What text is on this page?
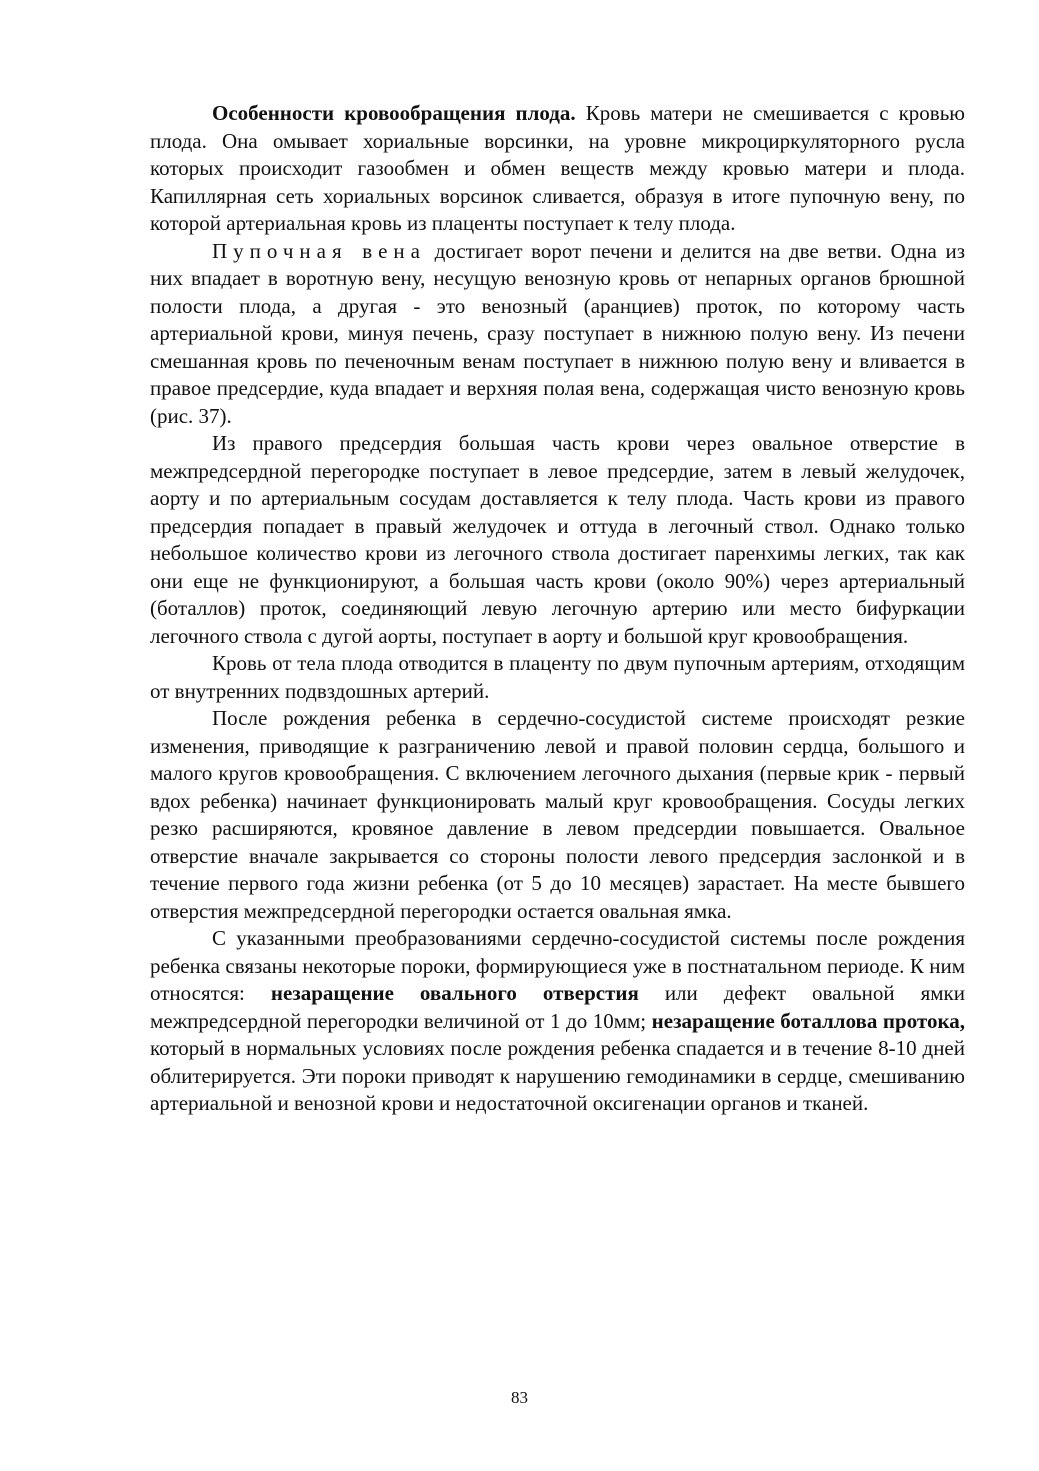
Особенности кровообращения плода. Кровь матери не смешивается с кровью плода. Она омывает хориальные ворсинки, на уровне микроциркуляторного русла которых происходит газообмен и обмен веществ между кровью матери и плода. Капиллярная сеть хориальных ворсинок сливается, образуя в итоге пупочную вену, по которой артериальная кровь из плаценты поступает к телу плода.

Пупочная вена достигает ворот печени и делится на две ветви. Одна из них впадает в воротную вену, несущую венозную кровь от непарных органов брюшной полости плода, а другая - это венозный (аранциев) проток, по которому часть артериальной крови, минуя печень, сразу поступает в нижнюю полую вену. Из печени смешанная кровь по печеночным венам поступает в нижнюю полую вену и вливается в правое предсердие, куда впадает и верхняя полая вена, содержащая чисто венозную кровь (рис. 37).

Из правого предсердия большая часть крови через овальное отверстие в межпредсердной перегородке поступает в левое предсердие, затем в левый желудочек, аорту и по артериальным сосудам доставляется к телу плода. Часть крови из правого предсердия попадает в правый желудочек и оттуда в легочный ствол. Однако только небольшое количество крови из легочного ствола достигает паренхимы легких, так как они еще не функционируют, а большая часть крови (около 90%) через артериальный (боталлов) проток, соединяющий левую легочную артерию или место бифуркации легочного ствола с дугой аорты, поступает в аорту и большой круг кровообращения.

Кровь от тела плода отводится в плаценту по двум пупочным артериям, отходящим от внутренних подвздошных артерий.

После рождения ребенка в сердечно-сосудистой системе происходят резкие изменения, приводящие к разграничению левой и правой половин сердца, большого и малого кругов кровообращения. С включением легочного дыхания (первые крик - первый вдох ребенка) начинает функционировать малый круг кровообращения. Сосуды легких резко расширяются, кровяное давление в левом предсердии повышается. Овальное отверстие вначале закрывается со стороны полости левого предсердия заслонкой и в течение первого года жизни ребенка (от 5 до 10 месяцев) зарастает. На месте бывшего отверстия межпредсердной перегородки остается овальная ямка.

С указанными преобразованиями сердечно-сосудистой системы после рождения ребенка связаны некоторые пороки, формирующиеся уже в постнатальном периоде. К ним относятся: незаращение овального отверстия или дефект овальной ямки межпредсердной перегородки величиной от 1 до 10мм; незаращение боталлова протока, который в нормальных условиях после рождения ребенка спадается и в течение 8-10 дней облитерируется. Эти пороки приводят к нарушению гемодинамики в сердце, смешиванию артериальной и венозной крови и недостаточной оксигенации органов и тканей.

83
